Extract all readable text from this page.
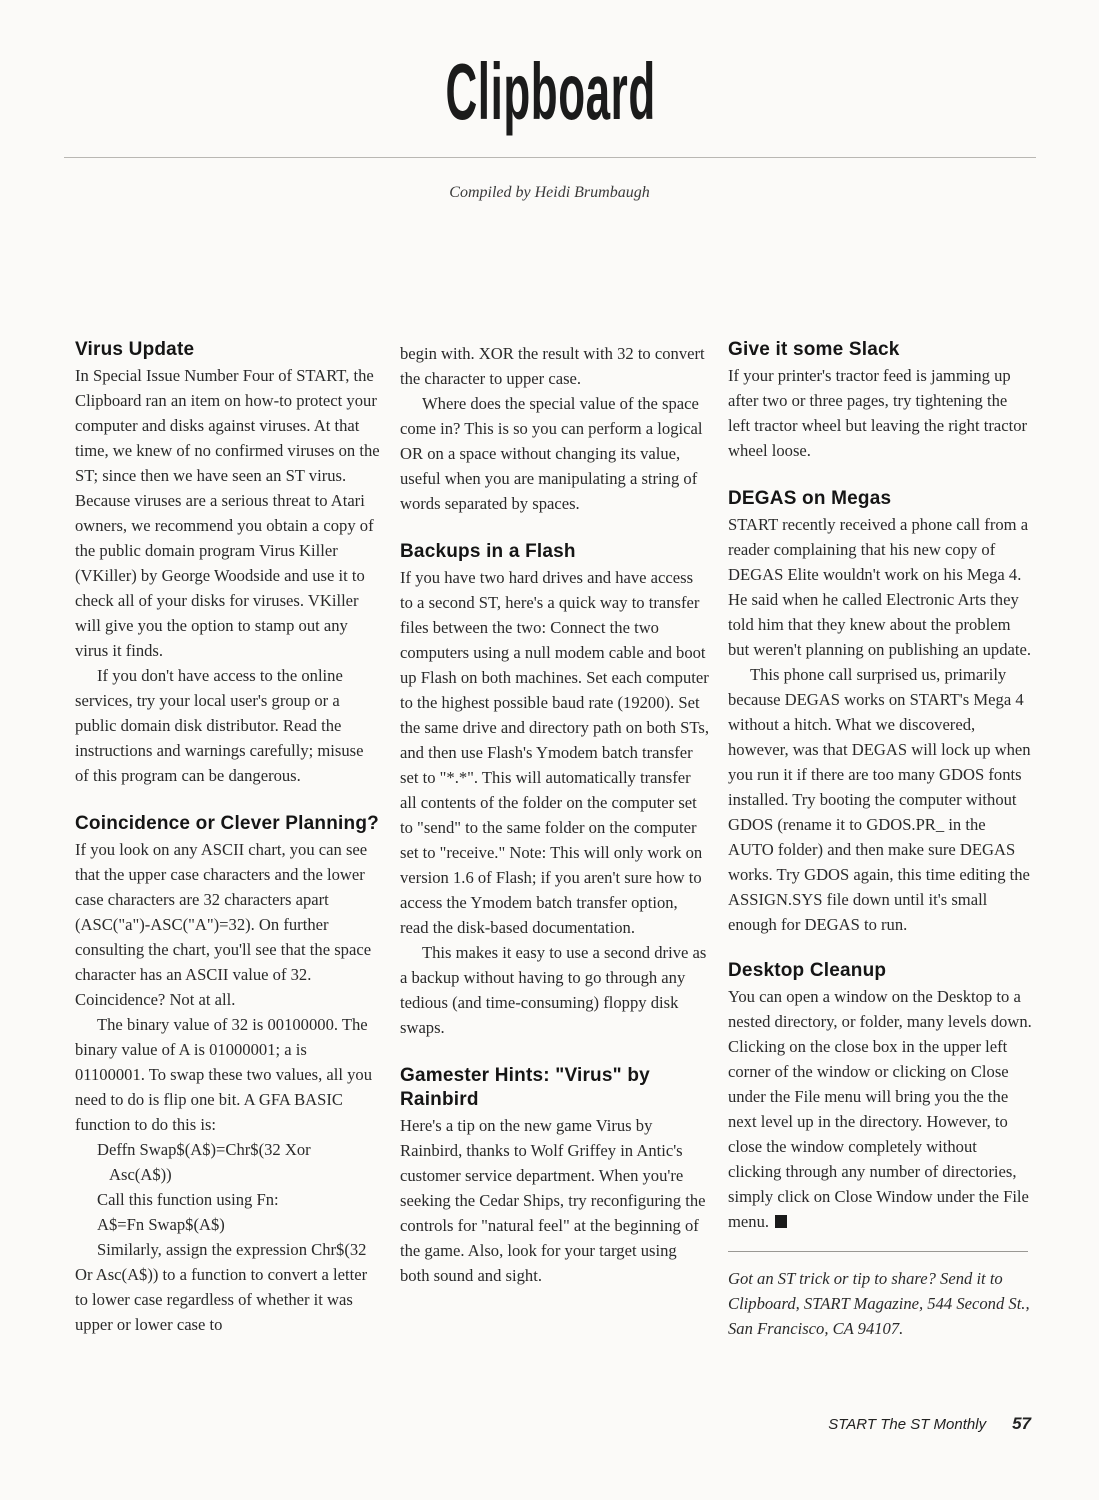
Clipboard
Compiled by Heidi Brumbaugh
Virus Update

In Special Issue Number Four of START, the Clipboard ran an item on how-to protect your computer and disks against viruses. At that time, we knew of no confirmed viruses on the ST; since then we have seen an ST virus. Because viruses are a serious threat to Atari owners, we recommend you obtain a copy of the public domain program Virus Killer (VKiller) by George Woodside and use it to check all of your disks for viruses. VKiller will give you the option to stamp out any virus it finds.

If you don't have access to the online services, try your local user's group or a public domain disk distributor. Read the instructions and warnings carefully; misuse of this program can be dangerous.

Coincidence or Clever Planning?

If you look on any ASCII chart, you can see that the upper case characters and the lower case characters are 32 characters apart (ASC("a")-ASC("A")=32). On further consulting the chart, you'll see that the space character has an ASCII value of 32. Coincidence? Not at all.

The binary value of 32 is 00100000. The binary value of A is 01000001; a is 01100001. To swap these two values, all you need to do is flip one bit. A GFA BASIC function to do this is:

Deffn Swap$(A$)=Chr$(32 Xor

Asc(A$))

Call this function using Fn:

A$=Fn Swap$(A$)

Similarly, assign the expression Chr$(32 Or Asc(A$)) to a function to convert a letter to lower case regardless of whether it was upper or lower case to

begin with. XOR the result with 32 to convert the character to upper case.

Where does the special value of the space come in? This is so you can perform a logical OR on a space without changing its value, useful when you are manipulating a string of words separated by spaces.

Backups in a Flash

If you have two hard drives and have access to a second ST, here's a quick way to transfer files between the two: Connect the two computers using a null modem cable and boot up Flash on both machines. Set each computer to the highest possible baud rate (19200). Set the same drive and directory path on both STs, and then use Flash's Ymodem batch transfer set to "*.*". This will automatically transfer all contents of the folder on the computer set to "send" to the same folder on the computer set to "receive." Note: This will only work on version 1.6 of Flash; if you aren't sure how to access the Ymodem batch transfer option, read the disk-based documentation.

This makes it easy to use a second drive as a backup without having to go through any tedious (and time-consuming) floppy disk swaps.

Gamester Hints: "Virus" by Rainbird

Here's a tip on the new game Virus by Rainbird, thanks to Wolf Griffey in Antic's customer service department. When you're seeking the Cedar Ships, try reconfiguring the controls for "natural feel" at the beginning of the game. Also, look for your target using both sound and sight.

Give it some Slack

If your printer's tractor feed is jamming up after two or three pages, try tightening the left tractor wheel but leaving the right tractor wheel loose.

DEGAS on Megas

START recently received a phone call from a reader complaining that his new copy of DEGAS Elite wouldn't work on his Mega 4. He said when he called Electronic Arts they told him that they knew about the problem but weren't planning on publishing an update.

This phone call surprised us, primarily because DEGAS works on START's Mega 4 without a hitch. What we discovered, however, was that DEGAS will lock up when you run it if there are too many GDOS fonts installed. Try booting the computer without GDOS (rename it to GDOS.PR_ in the AUTO folder) and then make sure DEGAS works. Try GDOS again, this time editing the ASSIGN.SYS file down until it's small enough for DEGAS to run.

Desktop Cleanup

You can open a window on the Desktop to a nested directory, or folder, many levels down. Clicking on the close box in the upper left corner of the window or clicking on Close under the File menu will bring you the the next level up in the directory. However, to close the window completely without clicking through any number of directories, simply click on Close Window under the File menu.

Got an ST trick or tip to share? Send it to Clipboard, START Magazine, 544 Second St., San Francisco, CA 94107.

START The ST Monthly 57
